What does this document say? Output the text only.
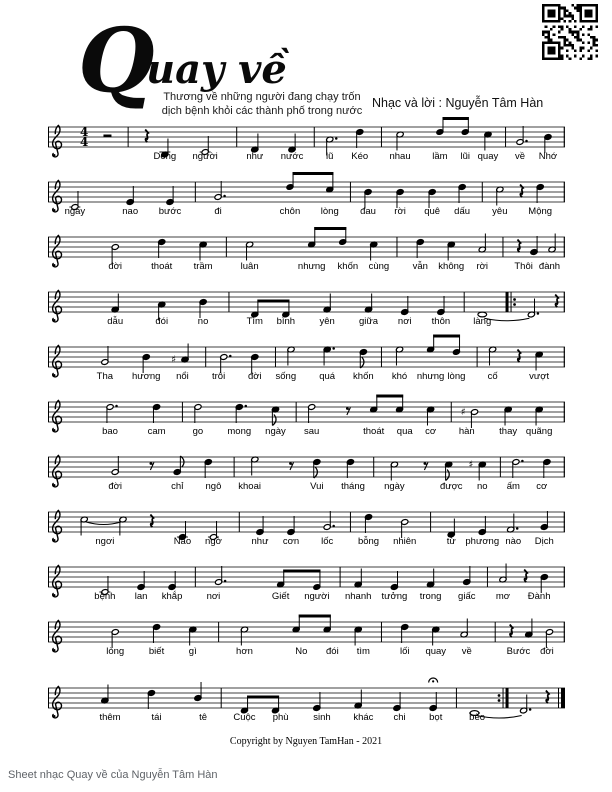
Q
uay về
Thương về những người đang chạy trốn
dịch bệnh khỏi các thành phố trong nước
Nhạc và lời : Nguyễn Tâm Hàn
4
4
Dòng người	như nước lũ Kéo nhau lầm lũi quay về Nhớ
ngày	nao bước	đi	chôn lòng đau rời quê dấu yêu Mộng
đời	thoát trầm	luân	nhưng khốn cùng vẫn không rời	Thôi đành
dẫu	đói	no	Tìm bình	yên	giữa nơi thôn làng
♯
Tha hương nổi trôi đời sống quá khốn khó nhưng lòng cố	vượt
♯
bao	cam	go	mong ngày sau	thoát qua cơ hàn	thay quãng
♯
đời	chỉ ngô khoai	Vui tháng ngày	được no ấm cơ
ngơi	Nào ngờ	như cơn lốc	bỗng nhiên	từ phương nào Dịch
bệnh lan khắp	nơi	Giết người nhanh tưởng trong giấc mơ Đành
lòng	biết	gì	hơn	No đói tìm	lối quay về	Bước đời
thêm	tái	tê	Cuộc phù	sinh khác chi bọt	bèo
Copyright by Nguyen TamHan - 2021
Sheet nhạc Quay về của Nguyễn Tâm Hàn
